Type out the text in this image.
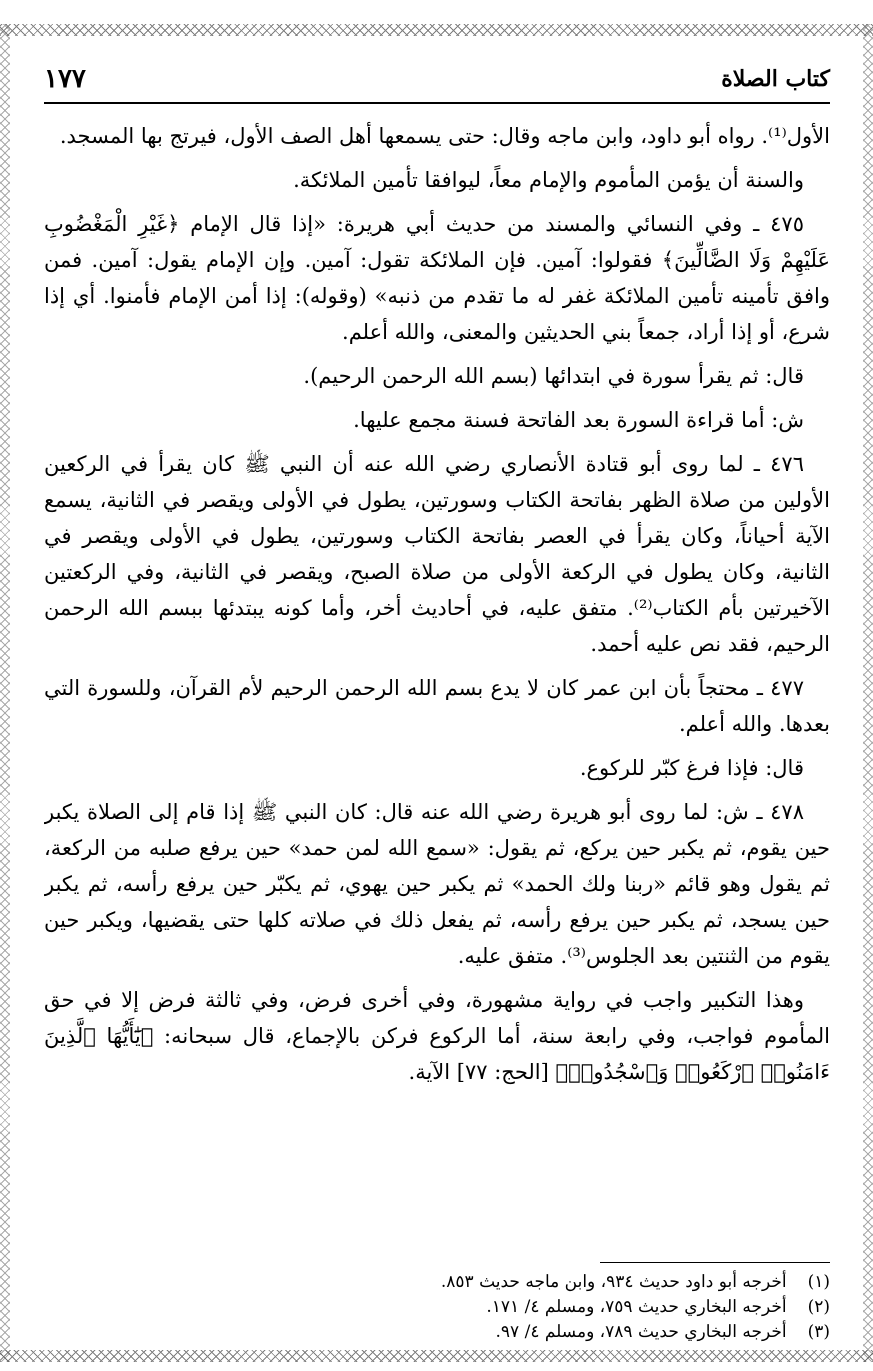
١٧٧	كتاب الصلاة

الأول⁽¹⁾. رواه أبو داود، وابن ماجه وقال: حتى يسمعها أهل الصف الأول، فيرتج بها المسجد.

والسنة أن يؤمن المأموم والإمام معاً، ليوافقا تأمين الملائكة.

٤٧٥ ـ وفي النسائي والمسند من حديث أبي هريرة: «إذا قال الإمام ﴿غَيْرِ الْمَغْضُوبِ عَلَيْهِمْ وَلَا الضَّالِّينَ﴾ فقولوا: آمين. فإن الملائكة تقول: آمين. وإن الإمام يقول: آمين. فمن وافق تأمينه تأمين الملائكة غفر له ما تقدم من ذنبه» (وقوله): إذا أمن الإمام فأمنوا. أي إذا شرع، أو إذا أراد، جمعاً بني الحديثين والمعنى، والله أعلم.

قال: ثم يقرأ سورة في ابتدائها (بسم الله الرحمن الرحيم).

ش: أما قراءة السورة بعد الفاتحة فسنة مجمع عليها.

٤٧٦ ـ لما روى أبو قتادة الأنصاري رضي الله عنه أن النبي ﷺ كان يقرأ في الركعين الأولين من صلاة الظهر بفاتحة الكتاب وسورتين، يطول في الأولى ويقصر في الثانية، يسمع الآية أحياناً، وكان يقرأ في العصر بفاتحة الكتاب وسورتين، يطول في الأولى ويقصر في الثانية، وكان يطول في الركعة الأولى من صلاة الصبح، ويقصر في الثانية، وفي الركعتين الآخيرتين بأم الكتاب⁽²⁾. متفق عليه، في أحاديث أخر، وأما كونه يبتدئها ببسم الله الرحمن الرحيم، فقد نص عليه أحمد.

٤٧٧ ـ محتجاً بأن ابن عمر كان لا يدع بسم الله الرحمن الرحيم لأم القرآن، وللسورة التي بعدها. والله أعلم.

قال: فإذا فرغ كبّر للركوع.

٤٧٨ ـ ش: لما روى أبو هريرة رضي الله عنه قال: كان النبي ﷺ إذا قام إلى الصلاة يكبر حين يقوم، ثم يكبر حين يركع، ثم يقول: «سمع الله لمن حمد» حين يرفع صلبه من الركعة، ثم يقول وهو قائم «ربنا ولك الحمد» ثم يكبر حين يهوي، ثم يكبّر حين يرفع رأسه، ثم يكبر حين يسجد، ثم يكبر حين يرفع رأسه، ثم يفعل ذلك في صلاته كلها حتى يقضيها، ويكبر حين يقوم من الثنتين بعد الجلوس⁽³⁾. متفق عليه.

وهذا التكبير واجب في رواية مشهورة، وفي أخرى فرض، وفي ثالثة فرض إلا في حق المأموم فواجب، وفي رابعة سنة، أما الركوع فركن بالإجماع، قال سبحانه: ﴿يَٰٓأَيُّهَا ٱلَّذِينَ ءَامَنُوا۟ ٱرْكَعُوا۟ وَٱسْجُدُوا۟﴾ [الحج: ٧٧] الآية.

(١) أخرجه أبو داود حديث ٩٣٤، وابن ماجه حديث ٨٥٣.

(٢) أخرجه البخاري حديث ٧٥٩، ومسلم ٤/ ١٧١.

(٣) أخرجه البخاري حديث ٧٨٩، ومسلم ٤/ ٩٧.
